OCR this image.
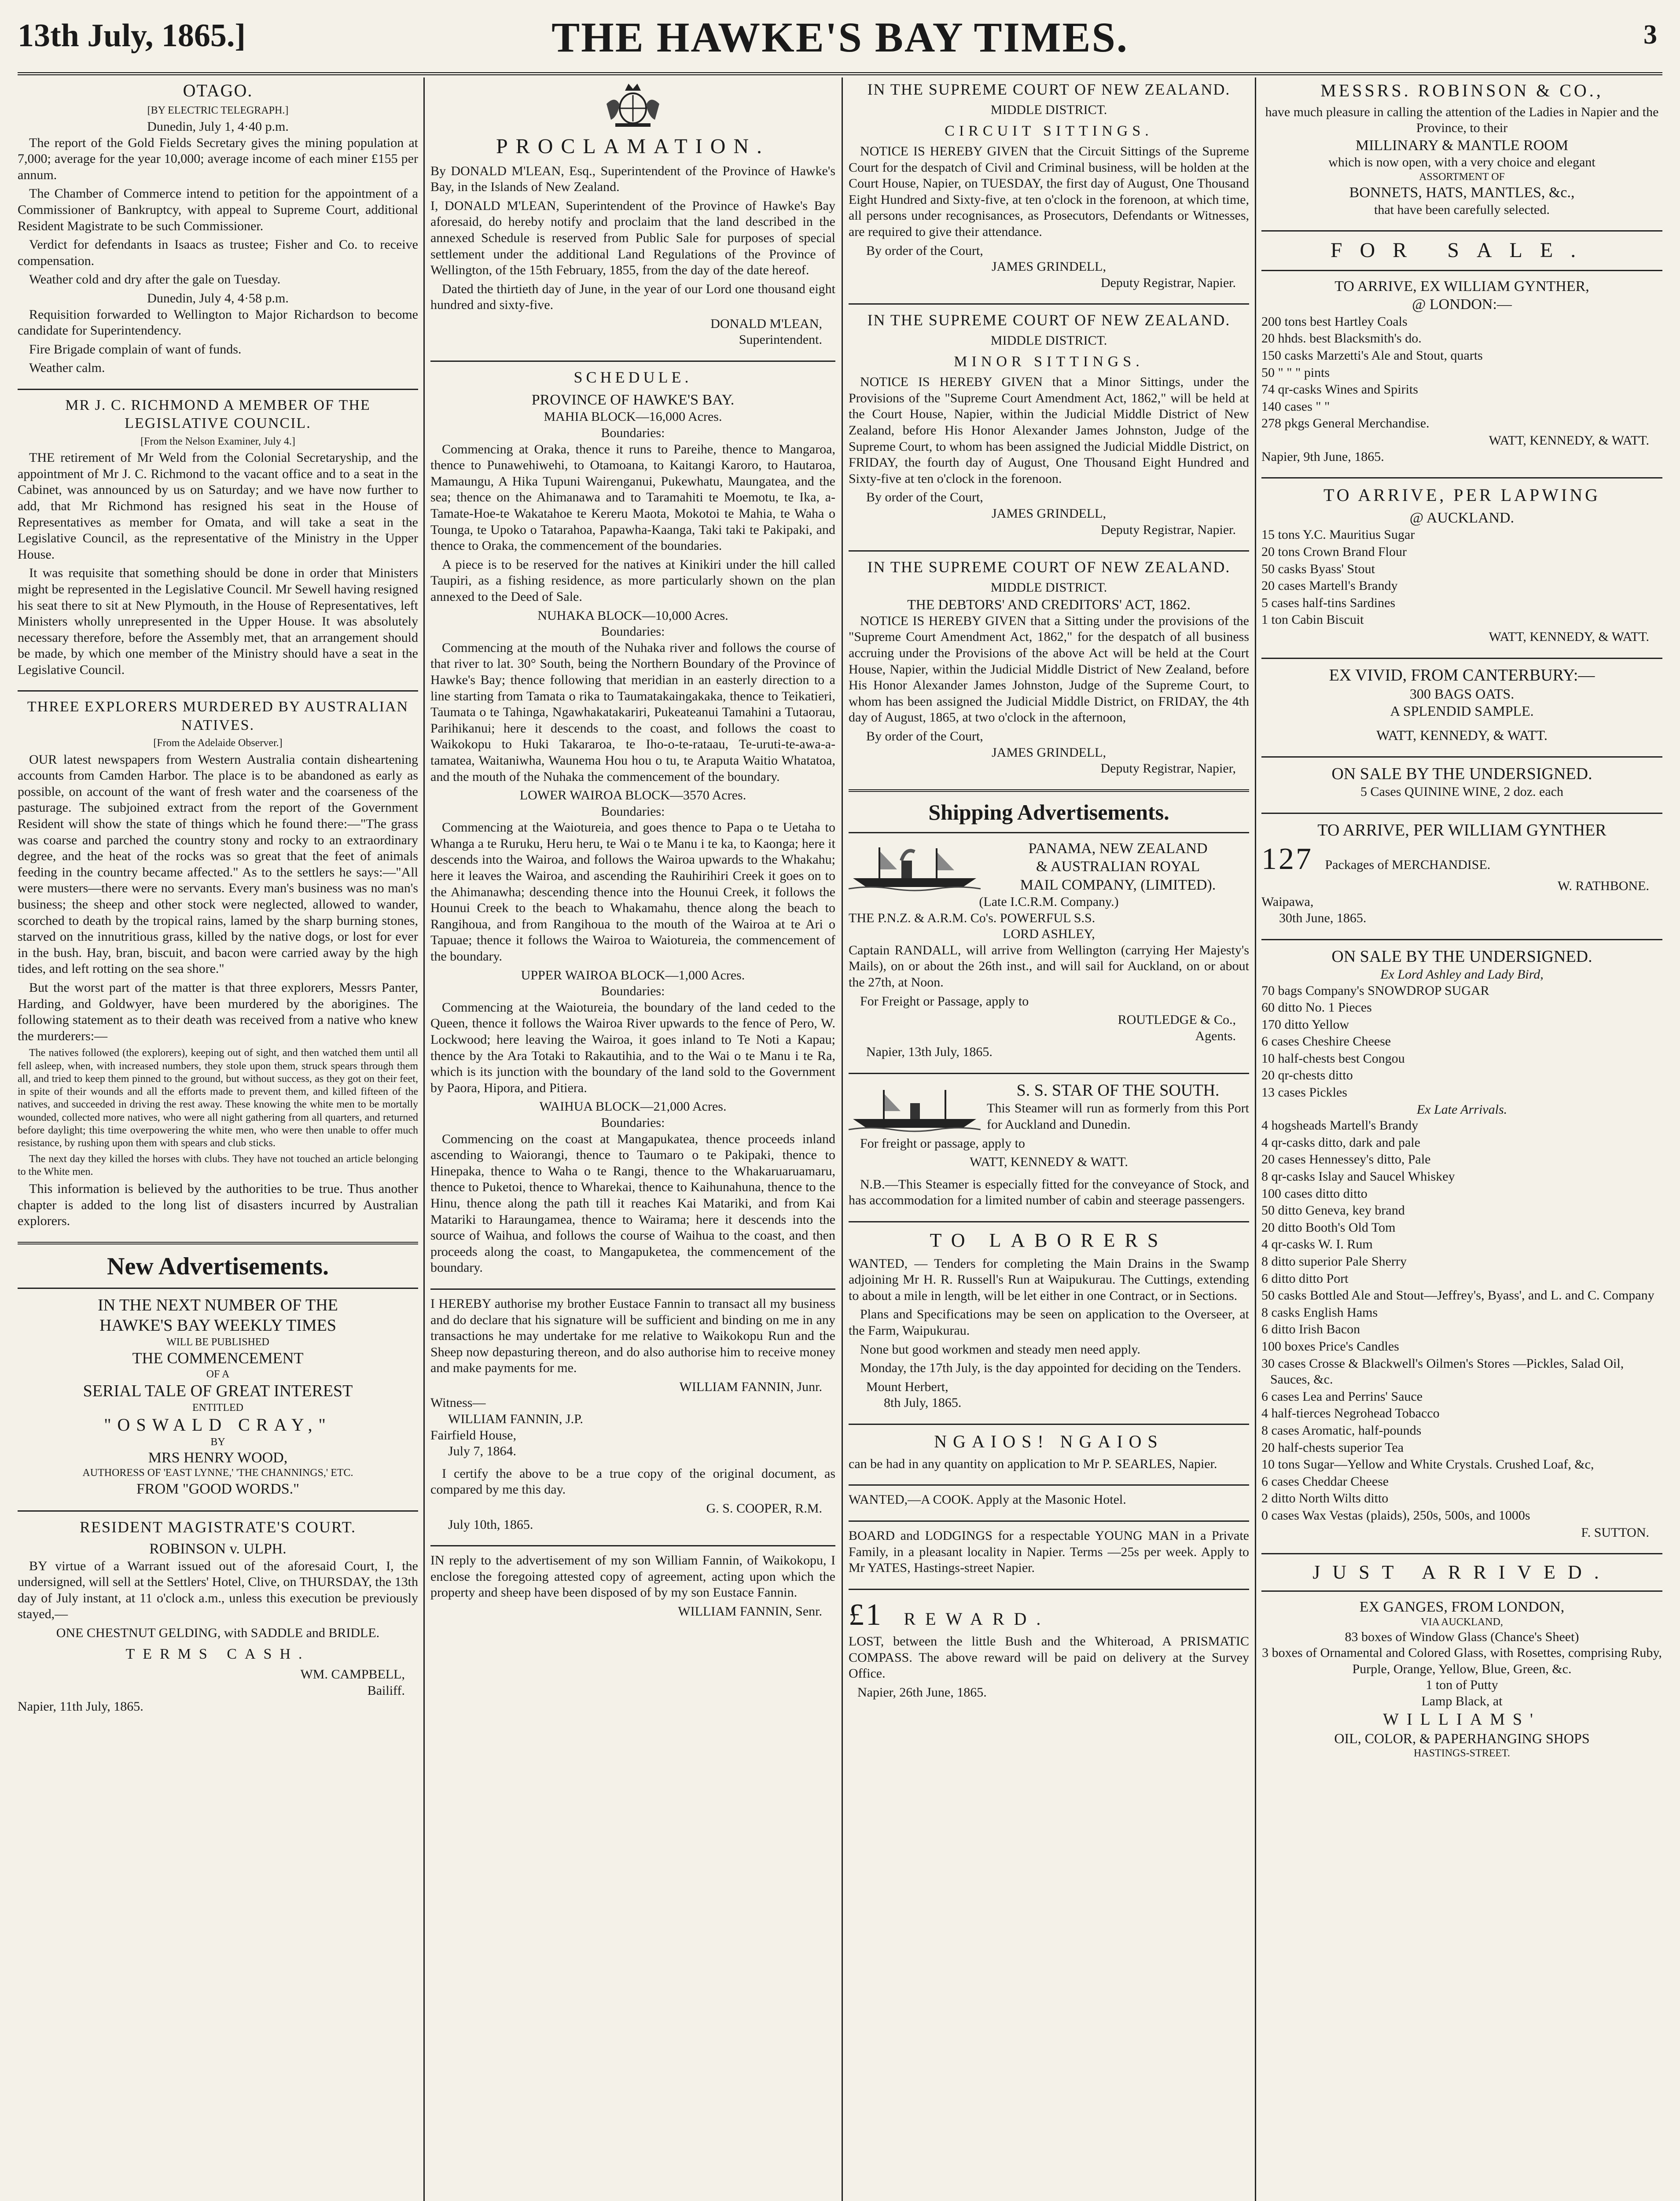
13th July, 1865.]	THE HAWKE'S BAY TIMES.	3
OTAGO.
[BY ELECTRIC TELEGRAPH.]
Dunedin, July 1, 4·40 p.m.

The report of the Gold Fields Secretary gives the mining population at 7,000; average for the year 10,000; average income of each miner £155 per annum.

The Chamber of Commerce intend to petition for the appointment of a Commissioner of Bankruptcy, with appeal to Supreme Court, additional Resident Magistrate to be such Commissioner.

Verdict for defendants in Isaacs as trustee; Fisher and Co. to receive compensation.

Weather cold and dry after the gale on Tuesday.

Dunedin, July 4, 4·58 p.m.

Requisition forwarded to Wellington to Major Richardson to become candidate for Superintendency.

Fire Brigade complain of want of funds.

Weather calm.

MR J. C. RICHMOND A MEMBER OF THE LEGISLATIVE COUNCIL.
[From the Nelson Examiner, July 4.]

THE retirement of Mr Weld from the Colonial Secretaryship, and the appointment of Mr J. C. Richmond to the vacant office and to a seat in the Cabinet, was announced by us on Saturday; and we have now further to add, that Mr Richmond has resigned his seat in the House of Representatives as member for Omata, and will take a seat in the Legislative Council, as the representative of the Ministry in the Upper House.

It was requisite that something should be done in order that Ministers might be represented in the Legislative Council. Mr Sewell having resigned his seat there to sit at New Plymouth, in the House of Representatives, left Ministers wholly unrepresented in the Upper House. It was absolutely necessary therefore, before the Assembly met, that an arrangement should be made, by which one member of the Ministry should have a seat in the Legislative Council.

THREE EXPLORERS MURDERED BY AUSTRALIAN NATIVES.
[From the Adelaide Observer.]

OUR latest newspapers from Western Australia contain disheartening accounts from Camden Harbor. The place is to be abandoned as early as possible, on account of the want of fresh water and the coarseness of the pasturage. The subjoined extract from the report of the Government Resident will show the state of things which he found there:—"The grass was coarse and parched the country stony and rocky to an extraordinary degree, and the heat of the rocks was so great that the feet of animals feeding in the country became affected." As to the settlers he says:—"All were musters—there were no servants. Every man's business was no man's business; the sheep and other stock were neglected, allowed to wander, scorched to death by the tropical rains, lamed by the sharp burning stones, starved on the innutritious grass, killed by the native dogs, or lost for ever in the bush. Hay, bran, biscuit, and bacon were carried away by the high tides, and left rotting on the sea shore."

But the worst part of the matter is that three explorers, Messrs Panter, Harding, and Goldwyer, have been murdered by the aborigines. The following statement as to their death was received from a native who knew the murderers:—

The natives followed (the explorers), keeping out of sight, and then watched them until all fell asleep, when, with increased numbers, they stole upon them, struck spears through them all, and tried to keep them pinned to the ground, but without success, as they got on their feet, in spite of their wounds and all the efforts made to prevent them, and killed fifteen of the natives, and succeeded in driving the rest away. These knowing the white men to be mortally wounded, collected more natives, who were all night gathering from all quarters, and returned before daylight; this time overpowering the white men, who were then unable to offer much resistance, by rushing upon them with spears and club sticks.

The next day they killed the horses with clubs. They have not touched an article belonging to the White men.

This information is believed by the authorities to be true. Thus another chapter is added to the long list of disasters incurred by Australian explorers.

New Advertisements.
IN THE NEXT NUMBER OF THE
HAWKE'S BAY WEEKLY TIMES
WILL BE PUBLISHED
THE COMMENCEMENT
OF A
SERIAL TALE OF GREAT INTEREST
ENTITLED
"OSWALD CRAY,"
BY
MRS HENRY WOOD,
AUTHORESS OF 'EAST LYNNE,' 'THE CHANNINGS,' ETC.
FROM "GOOD WORDS."
RESIDENT MAGISTRATE'S COURT.
ROBINSON v. ULPH.

BY virtue of a Warrant issued out of the aforesaid Court, I, the undersigned, will sell at the Settlers' Hotel, Clive, on THURSDAY, the 13th day of July instant, at 11 o'clock a.m., unless this execution be previously stayed,—

ONE CHESTNUT GELDING, with SADDLE and BRIDLE.
TERMS CASH.
WM. CAMPBELL,
Bailiff.
Napier, 11th July, 1865.
PROCLAMATION.

By DONALD M'LEAN, Esq., Superintendent of the Province of Hawke's Bay, in the Islands of New Zealand.

I, DONALD M'LEAN, Superintendent of the Province of Hawke's Bay aforesaid, do hereby notify and proclaim that the land described in the annexed Schedule is reserved from Public Sale for purposes of special settlement under the additional Land Regulations of the Province of Wellington, of the 15th February, 1855, from the day of the date hereof.

Dated the thirtieth day of June, in the year of our Lord one thousand eight hundred and sixty-five.

DONALD M'LEAN,
Superintendent.
SCHEDULE.
PROVINCE OF HAWKE'S BAY.
MAHIA BLOCK—16,000 Acres.
Boundaries:

Commencing at Oraka, thence it runs to Pareihe, thence to Mangaroa, thence to Punawehiwehi, to Otamoana, to Kaitangi Karoro, to Hautaroa, Mamaungu, A Hika Tupuni Wairenganui, Pukewhatu, Maungatea, and the sea; thence on the Ahimanawa and to Taramahiti te Moemotu, te Ika, a-Tamate-Hoe-te Wakatahoe te Kereru Maota, Mokotoi te Mahia, te Waha o Tounga, te Upoko o Tatarahoa, Papawha-Kaanga, Taki taki te Pakipaki, and thence to Oraka, the commencement of the boundaries.

A piece is to be reserved for the natives at Kinikiri under the hill called Taupiri, as a fishing residence, as more particularly shown on the plan annexed to the Deed of Sale.

NUHAKA BLOCK—10,000 Acres.
Boundaries:

Commencing at the mouth of the Nuhaka river and follows the course of that river to lat. 30° South, being the Northern Boundary of the Province of Hawke's Bay; thence following that meridian in an easterly direction to a line starting from Tamata o rika to Taumatakaingakaka, thence to Teikatieri, Taumata o te Tahinga, Ngawhakatakariri, Pukeateanui Tamahini a Tutaorau, Parihikanui; here it descends to the coast, and follows the coast to Waikokopu to Huki Takararoa, te Iho-o-te-rataau, Te-uruti-te-awa-a-tamatea, Waitaniwha, Waunema Hou hou o tu, te Araputa Waitio Whatatoa, and the mouth of the Nuhaka the commencement of the boundary.

LOWER WAIROA BLOCK—3570 Acres.
Boundaries:

Commencing at the Waiotureia, and goes thence to Papa o te Uetaha to Whanga a te Ruruku, Heru heru, te Wai o te Manu i te ka, to Kaonga; here it descends into the Wairoa, and follows the Wairoa upwards to the Whakahu; here it leaves the Wairoa, and ascending the Rauhirihiri Creek it goes on to the Ahimanawha; descending thence into the Hounui Creek, it follows the Hounui Creek to the beach to Whakamahu, thence along the beach to Rangihoua, and from Rangihoua to the mouth of the Wairoa at te Ari o Tapuae; thence it follows the Wairoa to Waiotureia, the commencement of the boundary.

UPPER WAIROA BLOCK—1,000 Acres.
Boundaries:

Commencing at the Waiotureia, the boundary of the land ceded to the Queen, thence it follows the Wairoa River upwards to the fence of Pero, W. Lockwood; here leaving the Wairoa, it goes inland to Te Noti a Kapau; thence by the Ara Totaki to Rakautihia, and to the Wai o te Manu i te Ra, which is its junction with the boundary of the land sold to the Government by Paora, Hipora, and Pitiera.

WAIHUA BLOCK—21,000 Acres.
Boundaries:

Commencing on the coast at Mangapukatea, thence proceeds inland ascending to Waiorangi, thence to Taumaro o te Pakipaki, thence to Hinepaka, thence to Waha o te Rangi, thence to the Whakaruaruamaru, thence to Puketoi, thence to Wharekai, thence to Kaihunahuna, thence to the Hinu, thence along the path till it reaches Kai Matariki, and from Kai Matariki to Haraungamea, thence to Wairama; here it descends into the source of Waihua, and follows the course of Waihua to the coast, and then proceeds along the coast, to Mangapuketea, the commencement of the boundary.

I HEREBY authorise my brother Eustace Fannin to transact all my business and do declare that his signature will be sufficient and binding on me in any transactions he may undertake for me relative to Waikokopu Run and the Sheep now depasturing thereon, and do also authorise him to receive money and make payments for me.

WILLIAM FANNIN, Junr.
Witness—
WILLIAM FANNIN, J.P.
Fairfield House,
July 7, 1864.

I certify the above to be a true copy of the original document, as compared by me this day.

G. S. COOPER, R.M.
July 10th, 1865.

IN reply to the advertisement of my son William Fannin, of Waikokopu, I enclose the foregoing attested copy of agreement, acting upon which the property and sheep have been disposed of by my son Eustace Fannin.

WILLIAM FANNIN, Senr.
IN THE SUPREME COURT OF NEW ZEALAND.
MIDDLE DISTRICT.
CIRCUIT SITTINGS.

NOTICE IS HEREBY GIVEN that the Circuit Sittings of the Supreme Court for the despatch of Civil and Criminal business, will be holden at the Court House, Napier, on TUESDAY, the first day of August, One Thousand Eight Hundred and Sixty-five, at ten o'clock in the forenoon, at which time, all persons under recognisances, as Prosecutors, Defendants or Witnesses, are required to give their attendance.

By order of the Court,
JAMES GRINDELL,
Deputy Registrar, Napier.
IN THE SUPREME COURT OF NEW ZEALAND.
MIDDLE DISTRICT.
MINOR SITTINGS.

NOTICE IS HEREBY GIVEN that a Minor Sittings, under the Provisions of the "Supreme Court Amendment Act, 1862," will be held at the Court House, Napier, within the Judicial Middle District of New Zealand, before His Honor Alexander James Johnston, Judge of the Supreme Court, to whom has been assigned the Judicial Middle District, on FRIDAY, the fourth day of August, One Thousand Eight Hundred and Sixty-five at ten o'clock in the forenoon.

By order of the Court,
JAMES GRINDELL,
Deputy Registrar, Napier.
IN THE SUPREME COURT OF NEW ZEALAND.
MIDDLE DISTRICT.
THE DEBTORS' AND CREDITORS' ACT, 1862.

NOTICE IS HEREBY GIVEN that a Sitting under the provisions of the "Supreme Court Amendment Act, 1862," for the despatch of all business accruing under the Provisions of the above Act will be held at the Court House, Napier, within the Judicial Middle District of New Zealand, before His Honor Alexander James Johnston, Judge of the Supreme Court, to whom has been assigned the Judicial Middle District, on FRIDAY, the 4th day of August, 1865, at two o'clock in the afternoon,

By order of the Court,
JAMES GRINDELL,
Deputy Registrar, Napier,
Shipping Advertisements.
PANAMA, NEW ZEALAND
& AUSTRALIAN ROYAL
MAIL COMPANY, (LIMITED).
(Late I.C.R.M. Company.)
THE P.N.Z. & A.R.M. Co's. POWERFUL S.S.
LORD ASHLEY,

Captain RANDALL, will arrive from Wellington (carrying Her Majesty's Mails), on or about the 26th inst., and will sail for Auckland, on or about the 27th, at Noon.

For Freight or Passage, apply to

ROUTLEDGE & Co.,
Agents.
Napier, 13th July, 1865.
S. S. STAR OF THE SOUTH.

This Steamer will run as formerly from this Port for Auckland and Dunedin.

For freight or passage, apply to

WATT, KENNEDY & WATT.

N.B.—This Steamer is especially fitted for the conveyance of Stock, and has accommodation for a limited number of cabin and steerage passengers.

TO LABORERS

WANTED, — Tenders for completing the Main Drains in the Swamp adjoining Mr H. R. Russell's Run at Waipukurau. The Cuttings, extending to about a mile in length, will be let either in one Contract, or in Sections.

Plans and Specifications may be seen on application to the Overseer, at the Farm, Waipukurau.

None but good workmen and steady men need apply.

Monday, the 17th July, is the day appointed for deciding on the Tenders.

Mount Herbert,
8th July, 1865.
NGAIOS! NGAIOS

can be had in any quantity on application to Mr P. SEARLES, Napier.

WANTED,—A COOK. Apply at the Masonic Hotel.

BOARD and LODGINGS for a respectable YOUNG MAN in a Private Family, in a pleasant locality in Napier. Terms —25s per week. Apply to Mr YATES, Hastings-street Napier.

£1 REWARD.

LOST, between the little Bush and the Whiteroad, A PRISMATIC COMPASS. The above reward will be paid on delivery at the Survey Office.

Napier, 26th June, 1865.
MESSRS. ROBINSON & CO.,
have much pleasure in calling the attention of the Ladies in Napier and the Province, to their
MILLINARY & MANTLE ROOM
which is now open, with a very choice and elegant
ASSORTMENT OF
BONNETS, HATS, MANTLES, &c.,
that have been carefully selected.
FOR SALE.
TO ARRIVE, EX WILLIAM GYNTHER,
@ LONDON:—
200 tons best Hartley Coals
20 hhds. best Blacksmith's do.
150 casks Marzetti's Ale and Stout, quarts
50 " " " pints
74 qr-casks Wines and Spirits
140 cases " "
278 pkgs General Merchandise.
WATT, KENNEDY, & WATT.
Napier, 9th June, 1865.
TO ARRIVE, PER LAPWING
@ AUCKLAND.
15 tons Y.C. Mauritius Sugar
20 tons Crown Brand Flour
50 casks Byass' Stout
20 cases Martell's Brandy
5 cases half-tins Sardines
1 ton Cabin Biscuit
WATT, KENNEDY, & WATT.
EX VIVID, FROM CANTERBURY:—
300 BAGS OATS.
A SPLENDID SAMPLE.
WATT, KENNEDY, & WATT.
ON SALE BY THE UNDERSIGNED.
5 Cases QUININE WINE, 2 doz. each
TO ARRIVE, PER WILLIAM GYNTHER
127 Packages of MERCHANDISE.
W. RATHBONE.
Waipawa,
30th June, 1865.
ON SALE BY THE UNDERSIGNED.
Ex Lord Ashley and Lady Bird,
70 bags Company's SNOWDROP SUGAR
60 ditto No. 1 Pieces
170 ditto Yellow
6 cases Cheshire Cheese
10 half-chests best Congou
20 qr-chests ditto
13 cases Pickles
Ex Late Arrivals.
4 hogsheads Martell's Brandy
4 qr-casks ditto, dark and pale
20 cases Hennessey's ditto, Pale
8 qr-casks Islay and Saucel Whiskey
100 cases ditto ditto
50 ditto Geneva, key brand
20 ditto Booth's Old Tom
4 qr-casks W. I. Rum
8 ditto superior Pale Sherry
6 ditto ditto Port
50 casks Bottled Ale and Stout—Jeffrey's, Byass', and L. and C. Company
8 casks English Hams
6 ditto Irish Bacon
100 boxes Price's Candles
30 cases Crosse & Blackwell's Oilmen's Stores —Pickles, Salad Oil, Sauces, &c.
6 cases Lea and Perrins' Sauce
4 half-tierces Negrohead Tobacco
8 cases Aromatic, half-pounds
20 half-chests superior Tea
10 tons Sugar—Yellow and White Crystals. Crushed Loaf, &c,
6 cases Cheddar Cheese
2 ditto North Wilts ditto
0 cases Wax Vestas (plaids), 250s, 500s, and 1000s
F. SUTTON.
JUST ARRIVED.
EX GANGES, FROM LONDON,
VIA AUCKLAND,
83 boxes of Window Glass (Chance's Sheet)
3 boxes of Ornamental and Colored Glass, with Rosettes, comprising Ruby, Purple, Orange, Yellow, Blue, Green, &c.
1 ton of Putty
Lamp Black, at
WILLIAMS'
OIL, COLOR, & PAPERHANGING SHOPS
HASTINGS-STREET.
